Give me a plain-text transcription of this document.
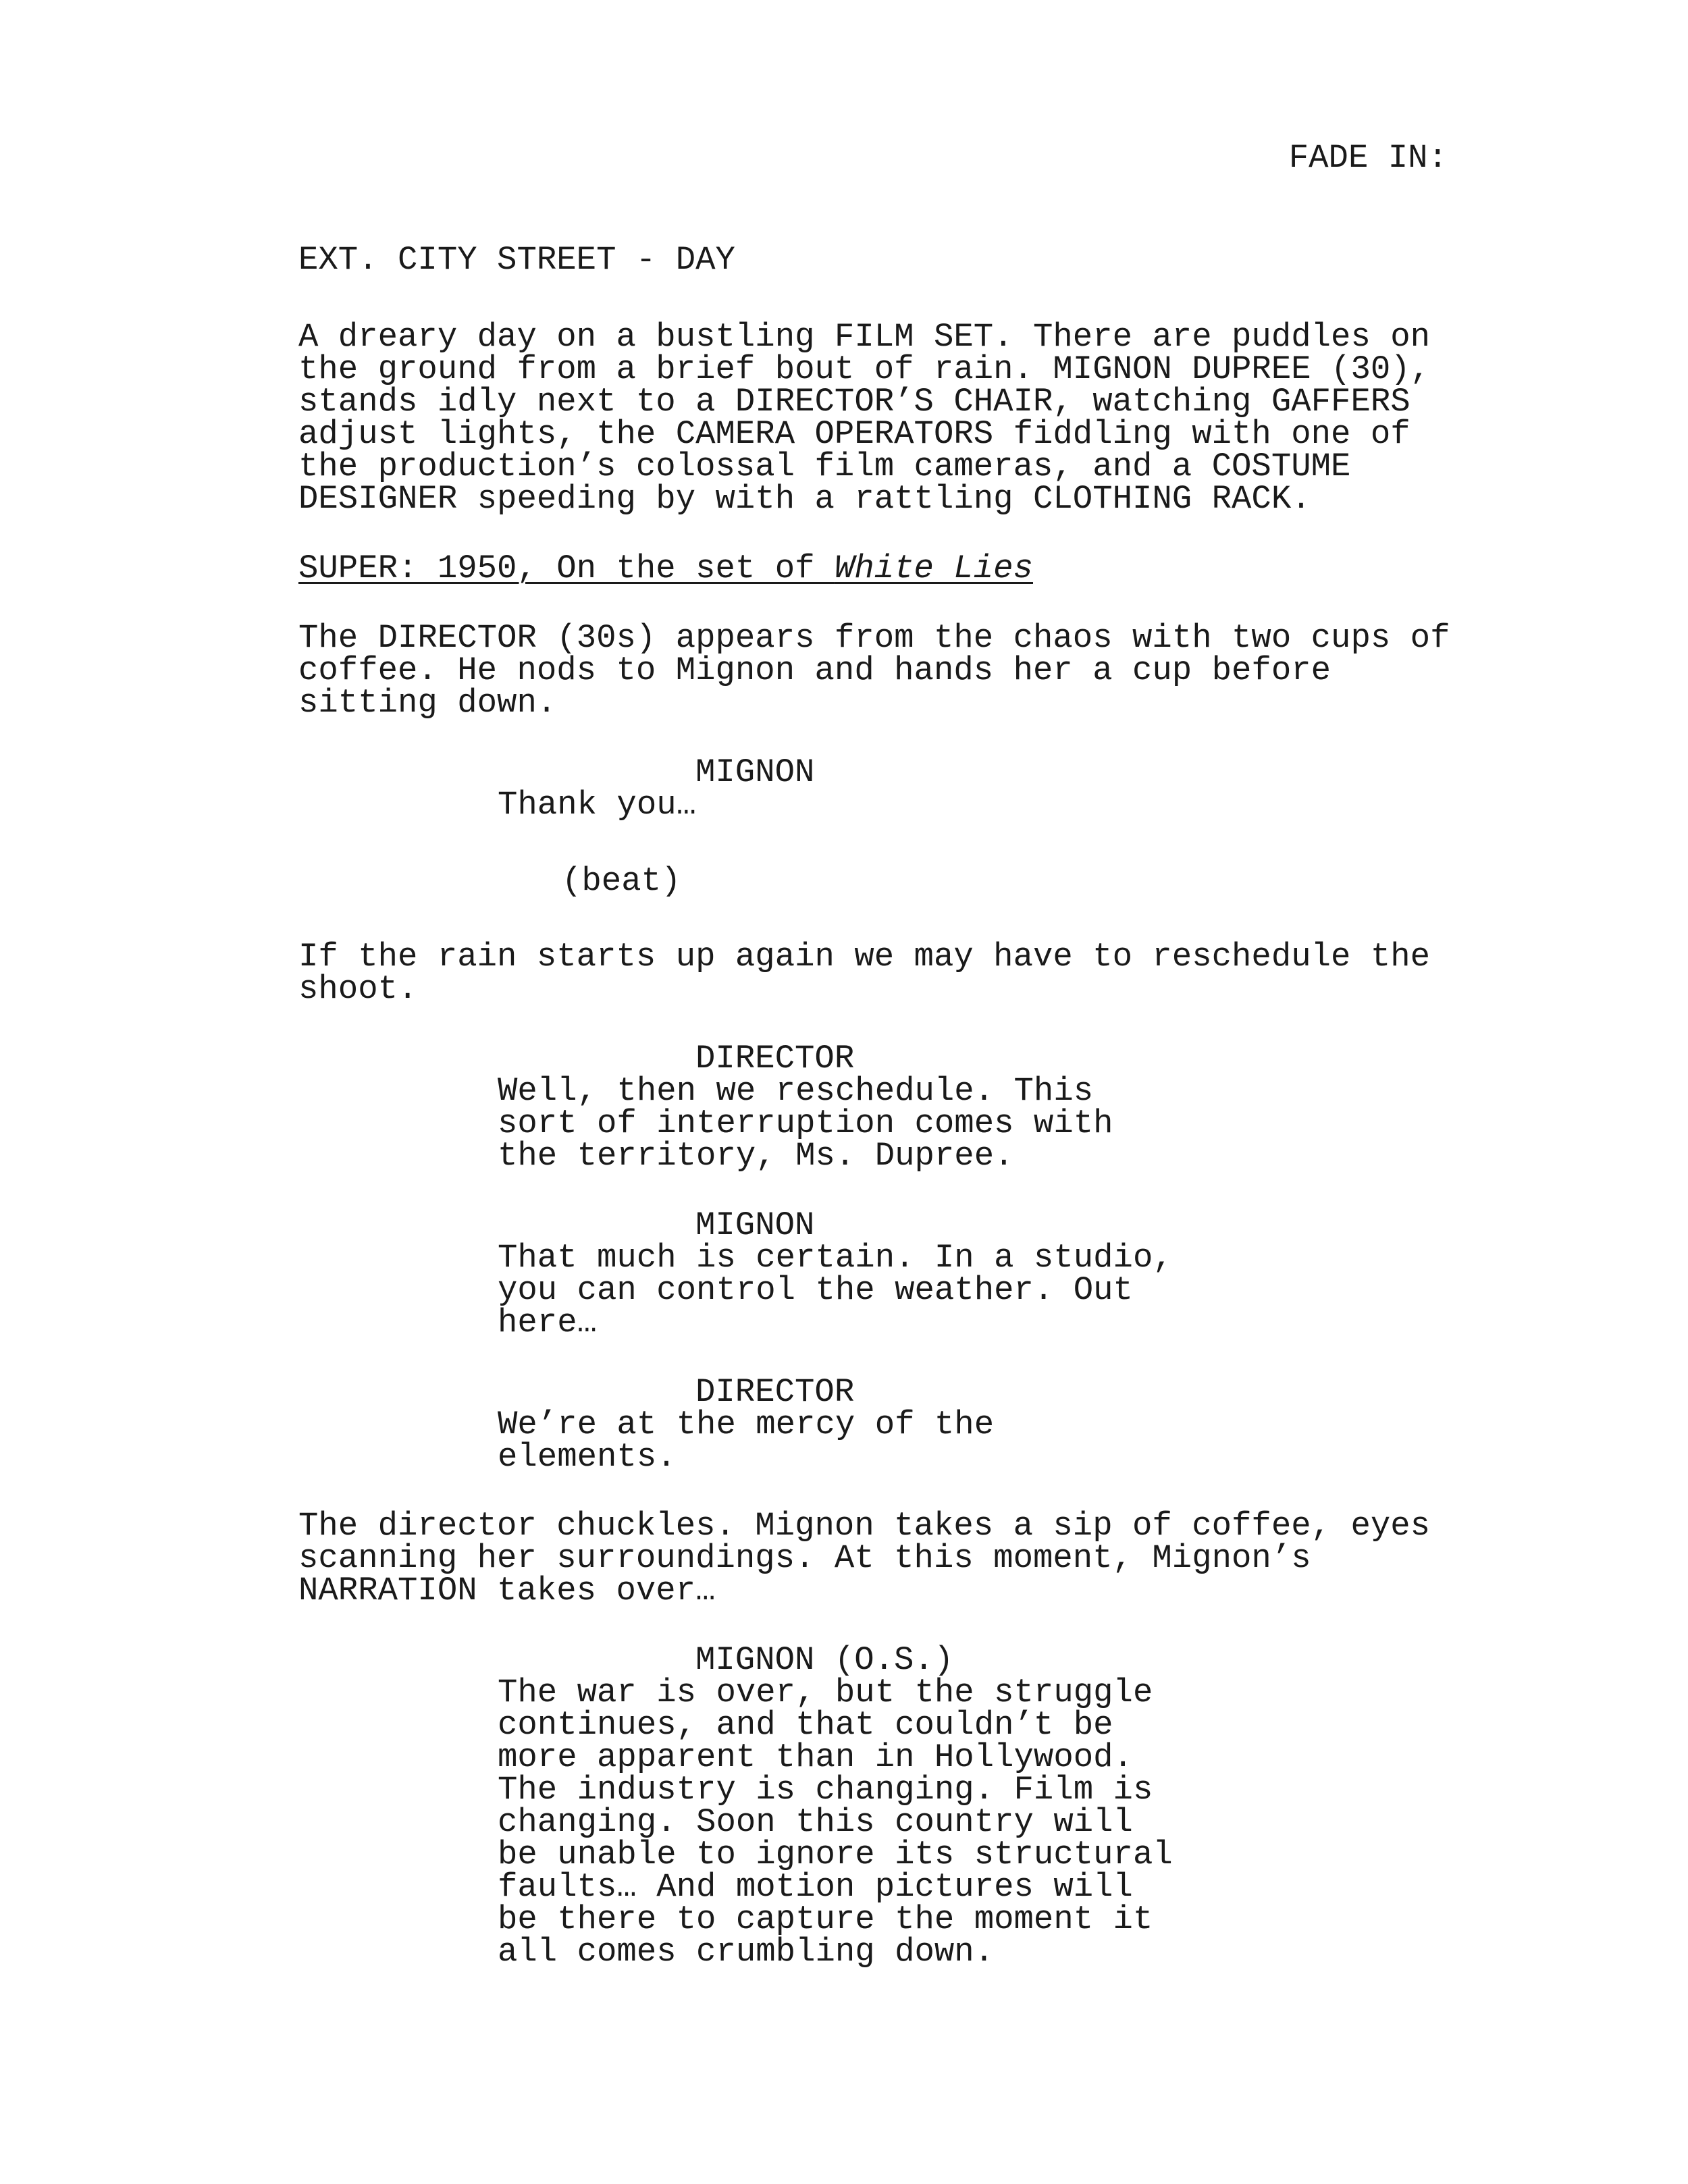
FADE IN:

EXT. CITY STREET - DAY

A dreary day on a bustling FILM SET. There are puddles on

the ground from a brief bout of rain. MIGNON DUPREE (30),

stands idly next to a DIRECTOR’S CHAIR, watching GAFFERS

adjust lights, the CAMERA OPERATORS fiddling with one of

the production’s colossal film cameras, and a COSTUME

DESIGNER speeding by with a rattling CLOTHING RACK.

SUPER: 1950, On the set of White Lies

The DIRECTOR (30s) appears from the chaos with two cups of

coffee. He nods to Mignon and hands her a cup before

sitting down.

MIGNON

Thank you…

(beat)

If the rain starts up again we may have to reschedule the

shoot.

DIRECTOR

Well, then we reschedule. This

sort of interruption comes with

the territory, Ms. Dupree.

MIGNON

That much is certain. In a studio,

you can control the weather. Out

here…

DIRECTOR

We’re at the mercy of the

elements.

The director chuckles. Mignon takes a sip of coffee, eyes

scanning her surroundings. At this moment, Mignon’s

NARRATION takes over…

MIGNON (O.S.)

The war is over, but the struggle

continues, and that couldn’t be

more apparent than in Hollywood.

The industry is changing. Film is

changing. Soon this country will

be unable to ignore its structural

faults… And motion pictures will

be there to capture the moment it

all comes crumbling down.
